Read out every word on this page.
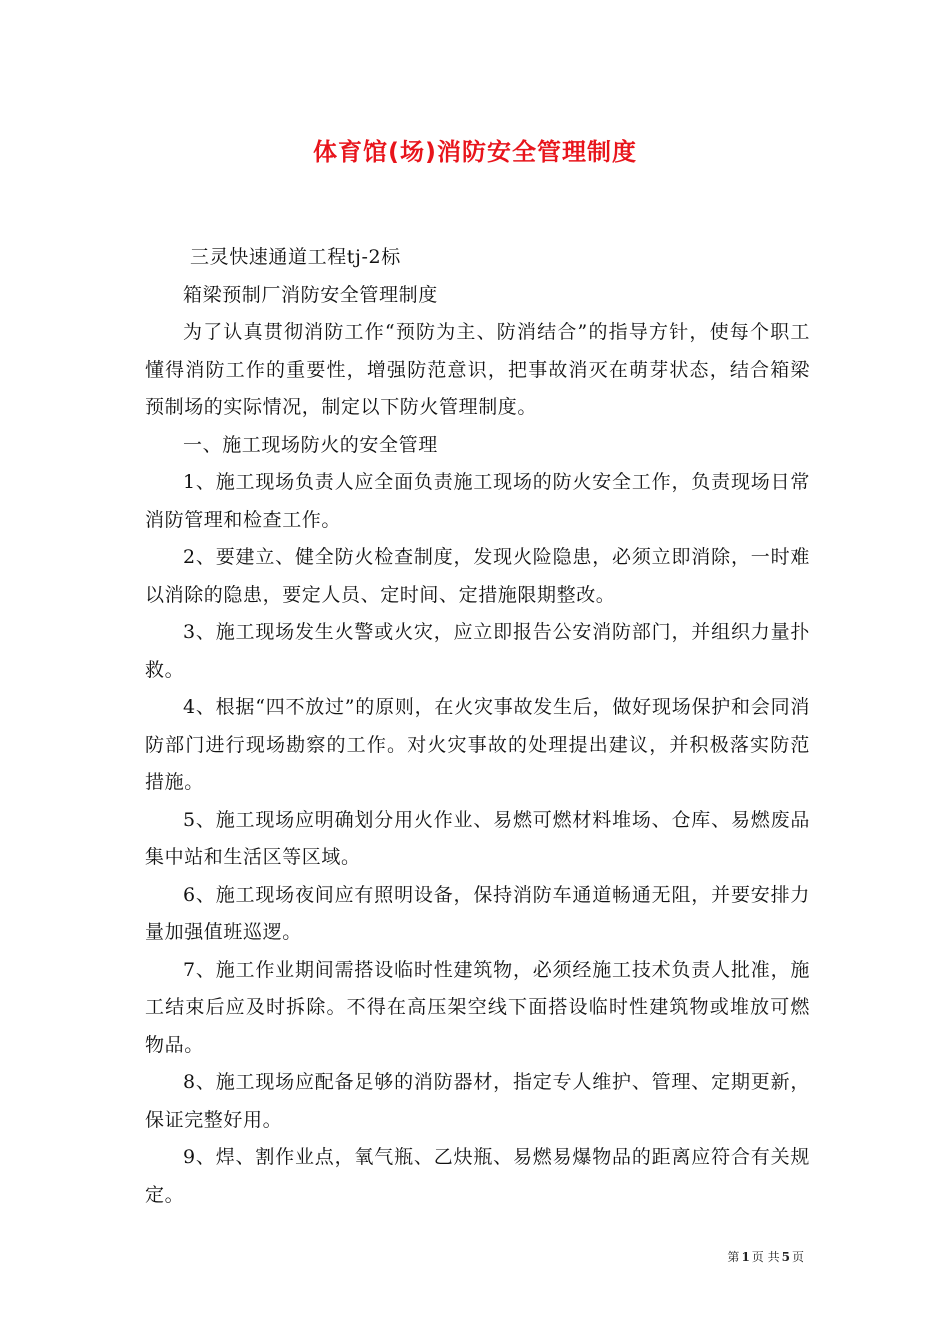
体育馆(场)消防安全管理制度

三灵快速通道工程tj-2标

箱梁预制厂消防安全管理制度

为了认真贯彻消防工作“预防为主、防消结合”的指导方针，使每个职工懂得消防工作的重要性，增强防范意识，把事故消灭在萌芽状态，结合箱梁预制场的实际情况，制定以下防火管理制度。

一、施工现场防火的安全管理

1、施工现场负责人应全面负责施工现场的防火安全工作，负责现场日常消防管理和检查工作。

2、要建立、健全防火检查制度，发现火险隐患，必须立即消除，一时难以消除的隐患，要定人员、定时间、定措施限期整改。

3、施工现场发生火警或火灾，应立即报告公安消防部门，并组织力量扑救。

4、根据“四不放过”的原则，在火灾事故发生后，做好现场保护和会同消防部门进行现场勘察的工作。对火灾事故的处理提出建议，并积极落实防范措施。

5、施工现场应明确划分用火作业、易燃可燃材料堆场、仓库、易燃废品集中站和生活区等区域。

6、施工现场夜间应有照明设备，保持消防车通道畅通无阻，并要安排力量加强值班巡逻。

7、施工作业期间需搭设临时性建筑物，必须经施工技术负责人批准，施工结束后应及时拆除。不得在高压架空线下面搭设临时性建筑物或堆放可燃物品。

8、施工现场应配备足够的消防器材，指定专人维护、管理、定期更新，保证完整好用。

9、焊、割作业点，氧气瓶、乙炔瓶、易燃易爆物品的距离应符合有关规定。

第 1 页 共 5 页
